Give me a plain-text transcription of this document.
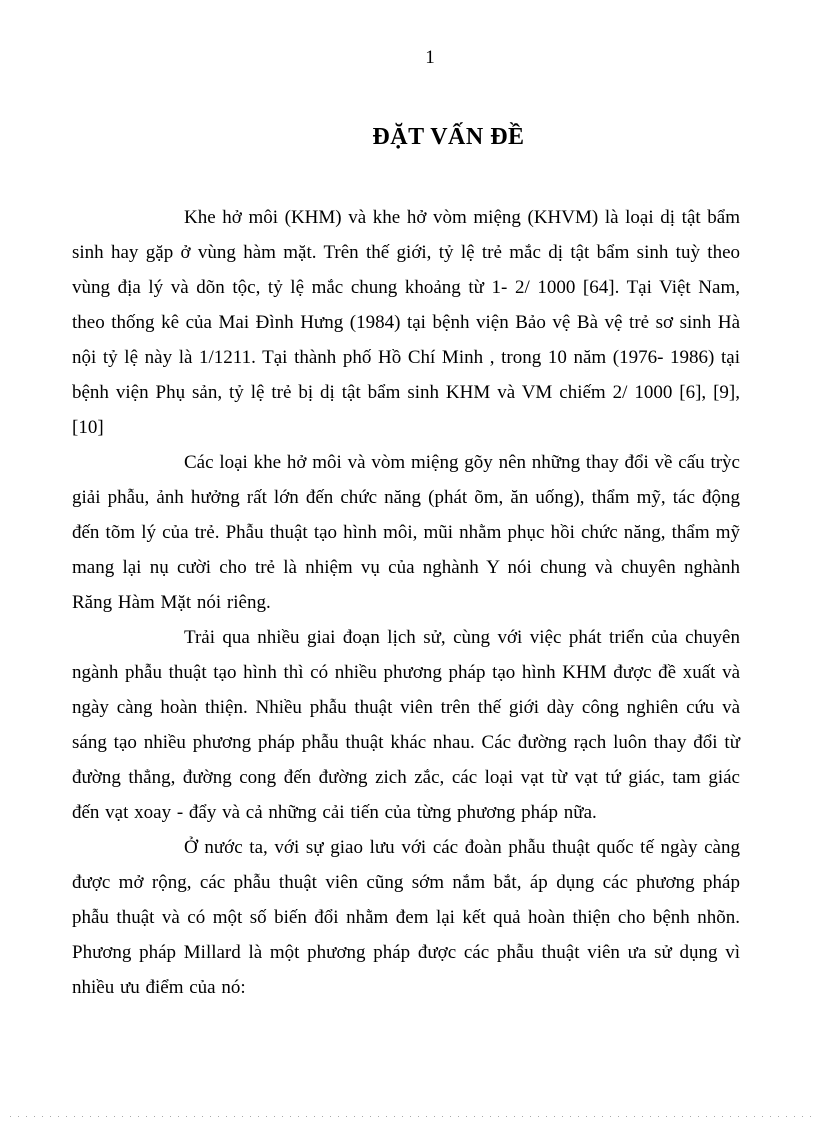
1
ĐẶT VẤN ĐỀ

Khe hở môi (KHM) và khe hở vòm miệng (KHVM) là loại dị tật bẩm sinh hay gặp ở vùng hàm mặt. Trên thế giới, tỷ lệ trẻ mắc dị tật bẩm sinh tuỳ theo vùng địa lý và dõn tộc, tỷ lệ mắc chung khoảng từ 1- 2/ 1000 [64]. Tại Việt Nam, theo thống kê của Mai Đình Hưng (1984) tại bệnh viện Bảo vệ Bà vệ trẻ sơ sinh Hà nội tỷ lệ này là 1/1211. Tại thành phố Hồ Chí Minh , trong 10 năm (1976- 1986) tại bệnh viện Phụ sản, tỷ lệ trẻ bị dị tật bẩm sinh KHM và VM chiếm 2/ 1000 [6], [9], [10]

Các loại khe hở môi và vòm miệng gõy nên những thay đổi về cấu trỳc giải phẫu, ảnh hưởng rất lớn đến chức năng (phát õm, ăn uống), thẩm mỹ, tác động đến tõm lý của trẻ. Phẫu thuật tạo hình môi, mũi nhằm phục hồi chức năng, thẩm mỹ mang lại nụ cười cho trẻ là nhiệm vụ của nghành Y nói chung và chuyên nghành Răng Hàm Mặt nói riêng.

Trải qua nhiều giai đoạn lịch sử, cùng với việc phát triển của chuyên ngành phẫu thuật tạo hình thì có nhiều phương pháp tạo hình KHM được đề xuất và ngày càng hoàn thiện. Nhiều phẫu thuật viên trên thế giới dày công nghiên cứu và sáng tạo nhiều phương pháp phẫu thuật khác nhau. Các đường rạch luôn thay đổi từ đường thẳng, đường cong đến đường zich zắc, các loại vạt từ vạt tứ giác, tam giác đến vạt xoay - đẩy và cả những cải tiến của từng phương pháp nữa.

Ở nước ta, với sự giao lưu với các đoàn phẫu thuật quốc tế ngày càng được mở rộng, các phẫu thuật viên cũng sớm nắm bắt, áp dụng các phương pháp phẫu thuật và có một số biến đổi nhằm đem lại kết quả hoàn thiện cho bệnh nhõn. Phương pháp Millard là một phương pháp được các phẫu thuật viên ưa sử dụng vì nhiều ưu điểm của nó:
